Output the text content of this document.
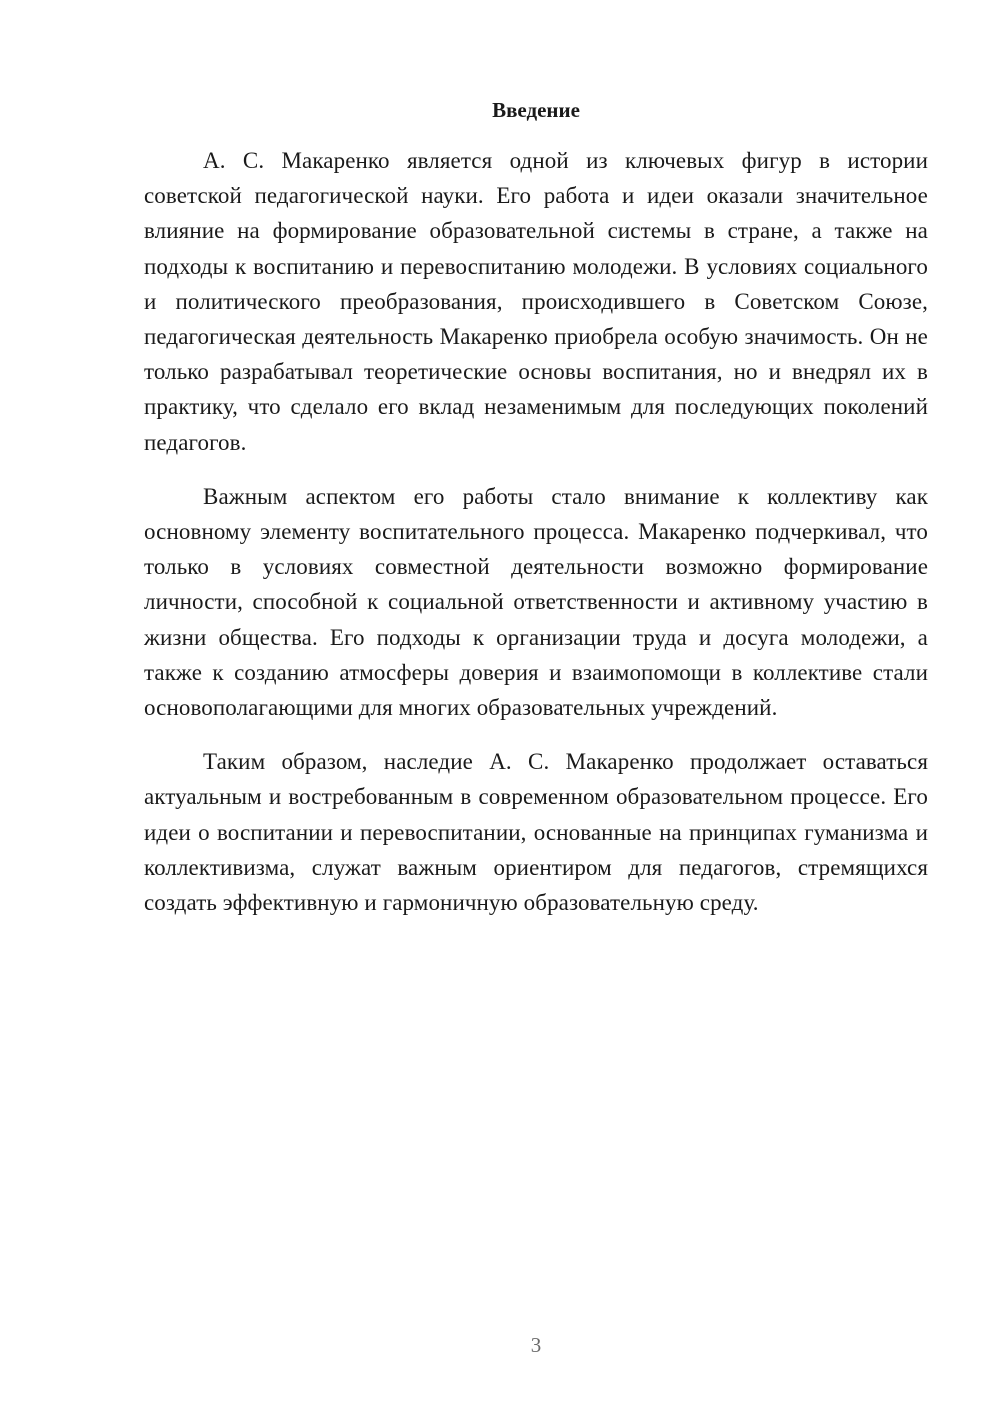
Введение

А. С. Макаренко является одной из ключевых фигур в истории советской педагогической науки. Его работа и идеи оказали значительное влияние на формирование образовательной системы в стране, а также на подходы к воспитанию и перевоспитанию молодежи. В условиях социального и политического преобразования, происходившего в Советском Союзе, педагогическая деятельность Макаренко приобрела особую значимость. Он не только разрабатывал теоретические основы воспитания, но и внедрял их в практику, что сделало его вклад незаменимым для последующих поколений педагогов.

Важным аспектом его работы стало внимание к коллективу как основному элементу воспитательного процесса. Макаренко подчеркивал, что только в условиях совместной деятельности возможно формирование личности, способной к социальной ответственности и активному участию в жизни общества. Его подходы к организации труда и досуга молодежи, а также к созданию атмосферы доверия и взаимопомощи в коллективе стали основополагающими для многих образовательных учреждений.

Таким образом, наследие А. С. Макаренко продолжает оставаться актуальным и востребованным в современном образовательном процессе. Его идеи о воспитании и перевоспитании, основанные на принципах гуманизма и коллективизма, служат важным ориентиром для педагогов, стремящихся создать эффективную и гармоничную образовательную среду.

3
